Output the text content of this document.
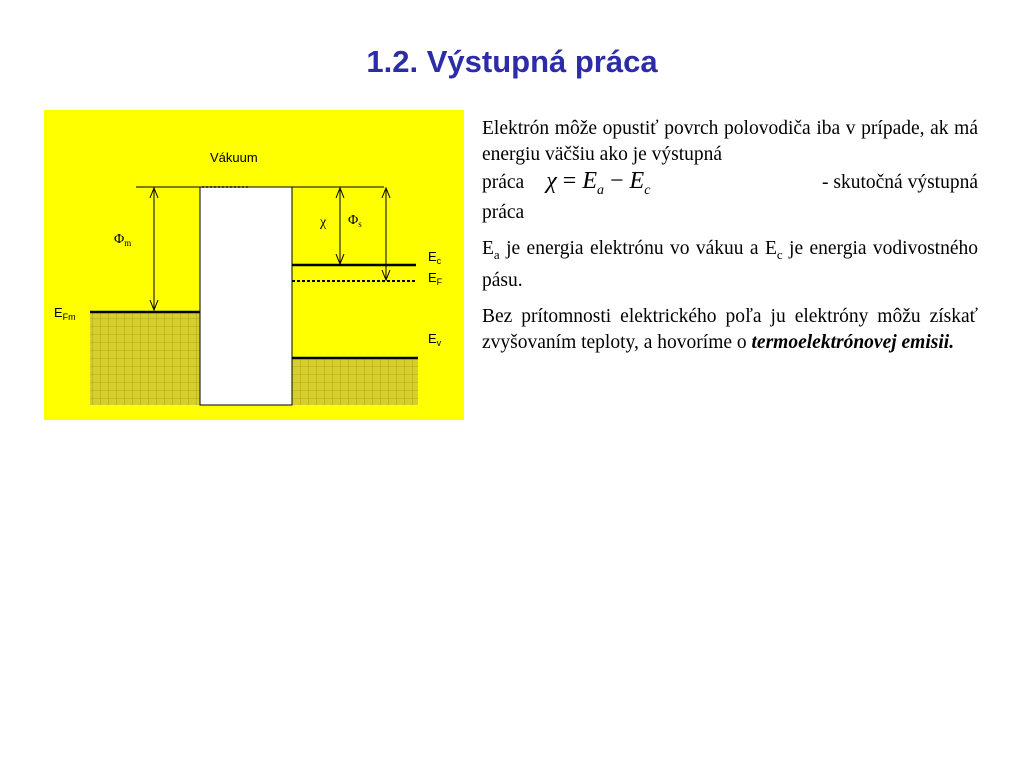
1.2. Výstupná práca
Vákuum
$\Phi_m$
χ $\Phi_s$
$E_c$
$E_F$
$E_{Fm}$
$E_v$

Elektrón môže opustiť povrch polovodiča iba v prípade, ak má energiu väčšiu ako je výstupná

práca $\chi = E_a - E_c$	- skutočná výstupná

práca

$E_a$ je energia elektrónu vo vákuu a $E_c$ je energia vodivostného pásu.

Bez prítomnosti elektrického poľa ju elektróny môžu získať zvyšovaním teploty, a hovoríme o termoelektrónovej emisii.
